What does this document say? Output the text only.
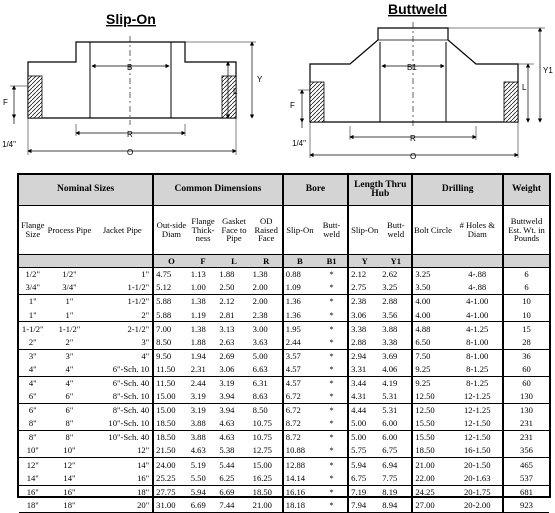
Slip-On
B
Y
L
F
1/4"
R
O
Buttweld
B1	Y1
L
F
1/4"
R
O
Nominal Sizes			Common Dimensions				Bore		Length Thru Hub		Drilling		Weight
Flange Size	Process Pipe	Jacket Pipe	Out-side Diam	Flange Thick-ness	Gasket Face to Pipe	OD Raised Face	Slip-On	Butt-weld	Slip-On	Butt-weld	Bolt Circle	# Holes & Diam	Buttweld Est. Wt. in Pounds
			O	F	L	R	B	B1	Y	Y1			
1/2"	1/2"	1"	4.75	1.13	1.88	1.38	0.88	*	2.12	2.62	3.25	4-.88	6
3/4"	3/4"	1-1/2"	5.12	1.00	2.50	2.00	1.09	*	2.75	3.25	3.50	4-.88	6
1"	1"	1-1/2"	5.88	1.38	2.12	2.00	1.36	*	2.38	2.88	4.00	4-1.00	10
1"	1"	2"	5.88	1.19	2.81	2.38	1.36	*	3.06	3.56	4.00	4-1.00	10
1-1/2"	1-1/2"	2-1/2"	7.00	1.38	3.13	3.00	1.95	*	3.38	3.88	4.88	4-1.25	15
2"	2"	3"	8.50	1.88	2.63	3.63	2.44	*	2.88	3.38	6.50	8-1.00	28
3"	3"	4"	9.50	1.94	2.69	5.00	3.57	*	2.94	3.69	7.50	8-1.00	36
4"	4"	6"-Sch. 10	11.50	2.31	3.06	6.63	4.57	*	3.31	4.06	9.25	8-1.25	60
4"	4"	6"-Sch. 40	11.50	2.44	3.19	6.31	4.57	*	3.44	4.19	9.25	8-1.25	60
6"	6"	8"-Sch. 10	15.00	3.19	3.94	8.63	6.72	*	4.31	5.31	12.50	12-1.25	130
6"	6"	8"-Sch. 40	15.00	3.19	3.94	8.50	6.72	*	4.44	5.31	12.50	12-1.25	130
8"	8"	10"-Sch. 10	18.50	3.88	4.63	10.75	8.72	*	5.00	6.00	15.50	12-1.50	231
8"	8"	10"-Sch. 40	18.50	3.88	4.63	10.75	8.72	*	5.00	6.00	15.50	12-1.50	231
10"	10"	12"	21.50	4.63	5.38	12.75	10.88	*	5.75	6.75	18.50	16-1.50	356
12"	12"	14"	24.00	5.19	5.44	15.00	12.88	*	5.94	6.94	21.00	20-1.50	465
14"	14"	16"	25.25	5.50	6.25	16.25	14.14	*	6.75	7.75	22.00	20-1.63	537
16"	16"	18"	27.75	5.94	6.69	18.50	16.16	*	7.19	8.19	24.25	20-1.75	681
18"	18"	20"	31.00	6.69	7.44	21.00	18.18	*	7.94	8.94	27.00	20-2.00	923
